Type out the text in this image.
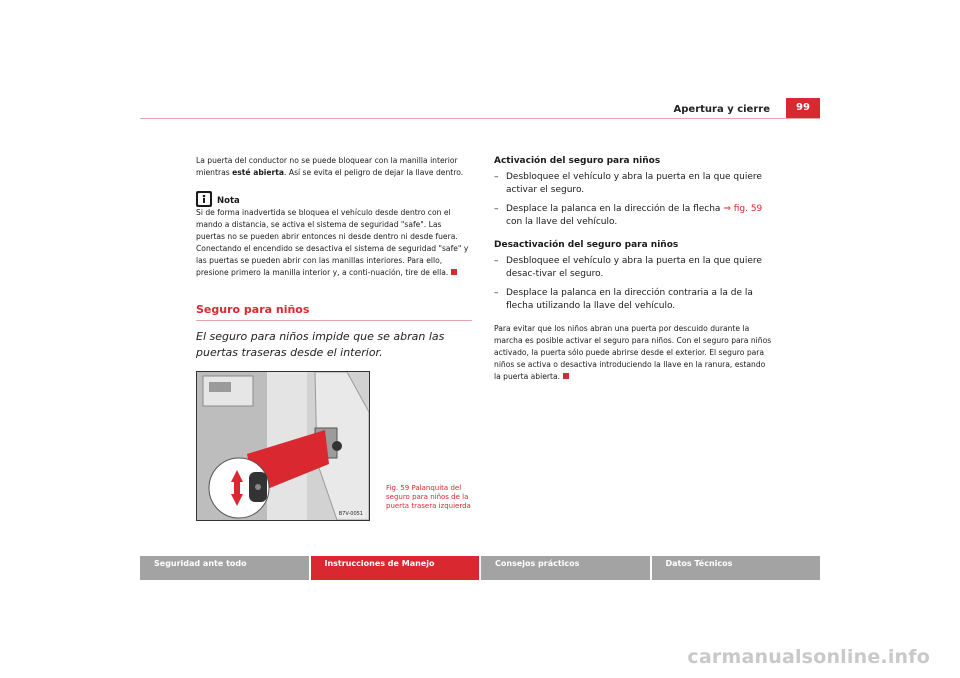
Apertura y cierre	99

La puerta del conductor no se puede bloquear con la manilla interior mientras esté abierta. Así se evita el peligro de dejar la llave dentro.

Nota

Si de forma inadvertida se bloquea el vehículo desde dentro con el mando a distancia, se activa el sistema de seguridad "safe". Las puertas no se pueden abrir entonces ni desde dentro ni desde fuera. Conectando el encendido se desactiva el sistema de seguridad "safe" y las puertas se pueden abrir con las manillas interiores. Para ello, presione primero la manilla interior y, a conti-nuación, tire de ella.

Seguro para niños
El seguro para niños impide que se abran las puertas traseras desde el interior.
B7V-0051
Fig. 59 Palanquita del seguro para niños de la puerta trasera izquierda

Activación del seguro para niños

– Desbloquee el vehículo y abra la puerta en la que quiere activar el seguro.
– Desplace la palanca en la dirección de la flecha ⇒ fig. 59 con la llave del vehículo.

Desactivación del seguro para niños

– Desbloquee el vehículo y abra la puerta en la que quiere desac-tivar el seguro.
– Desplace la palanca en la dirección contraria a la de la flecha utilizando la llave del vehículo.

Para evitar que los niños abran una puerta por descuido durante la marcha es posible activar el seguro para niños. Con el seguro para niños activado, la puerta sólo puede abrirse desde el exterior. El seguro para niños se activa o desactiva introduciendo la llave en la ranura, estando la puerta abierta.

Seguridad ante todo	Instrucciones de Manejo	Consejos prácticos	Datos Técnicos
carmanualsonline.info
